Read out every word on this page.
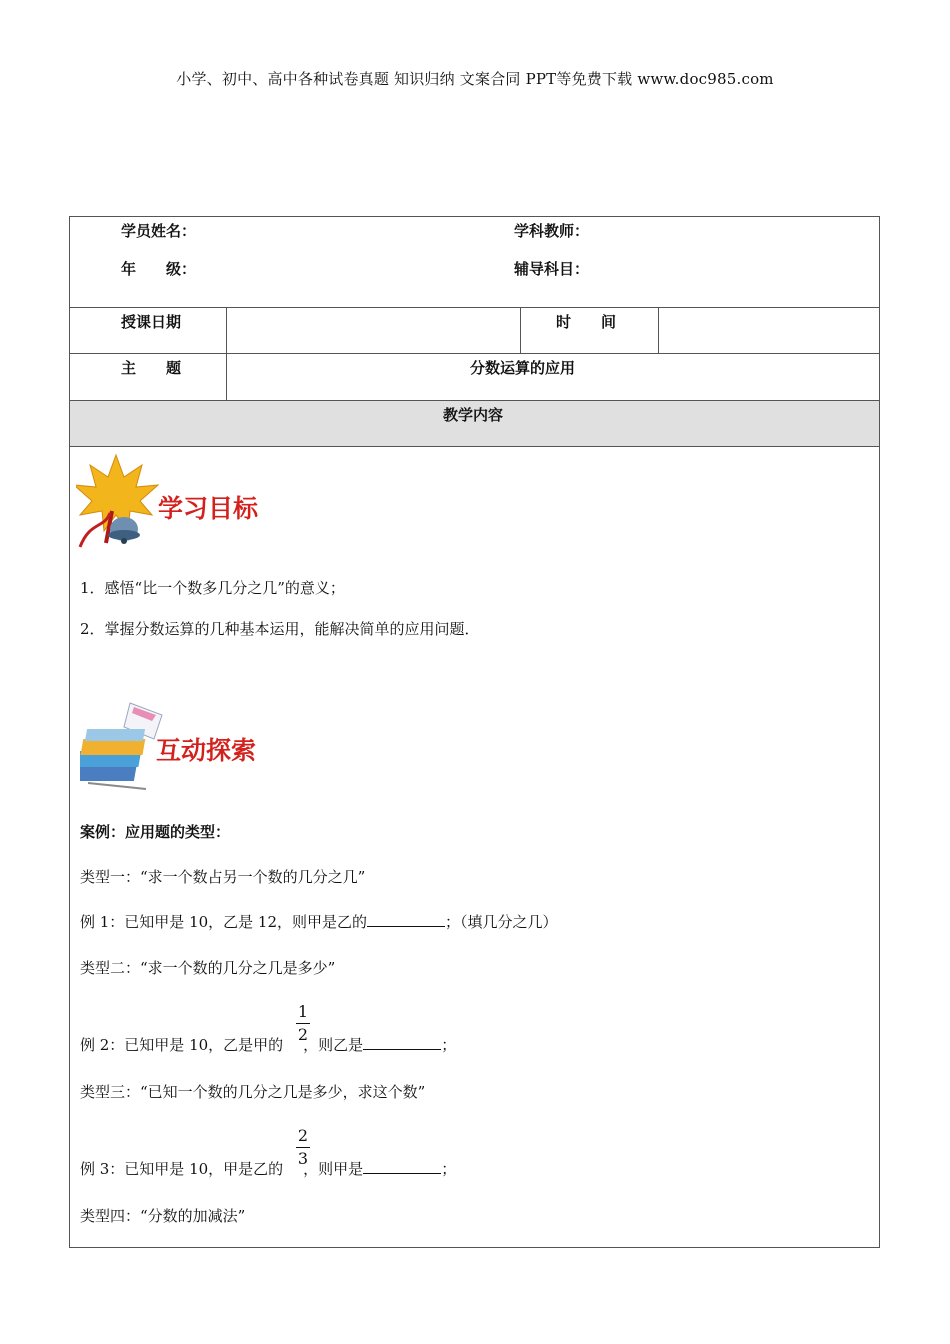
小学、初中、高中各种试卷真题 知识归纳 文案合同 PPT等免费下载 www.doc985.com
学员姓名：	学科教师：
年　　级：	辅导科目：
授课日期	时　　间
主　　题	分数运算的应用
教学内容
学习目标
1．感悟“比一个数多几分之几”的意义；
2．掌握分数运算的几种基本运用，能解决简单的应用问题．
互动探索
案例：应用题的类型：
类型一：“求一个数占另一个数的几分之几”
例 1：已知甲是 10，乙是 12，则甲是乙的	；（填几分之几）
类型二：“求一个数的几分之几是多少”
1
2
例 2：已知甲是 10，乙是甲的 ，则乙是	；
类型三：“已知一个数的几分之几是多少，求这个数”
2
3
例 3：已知甲是 10，甲是乙的 ，则甲是	；
类型四：“分数的加减法”
